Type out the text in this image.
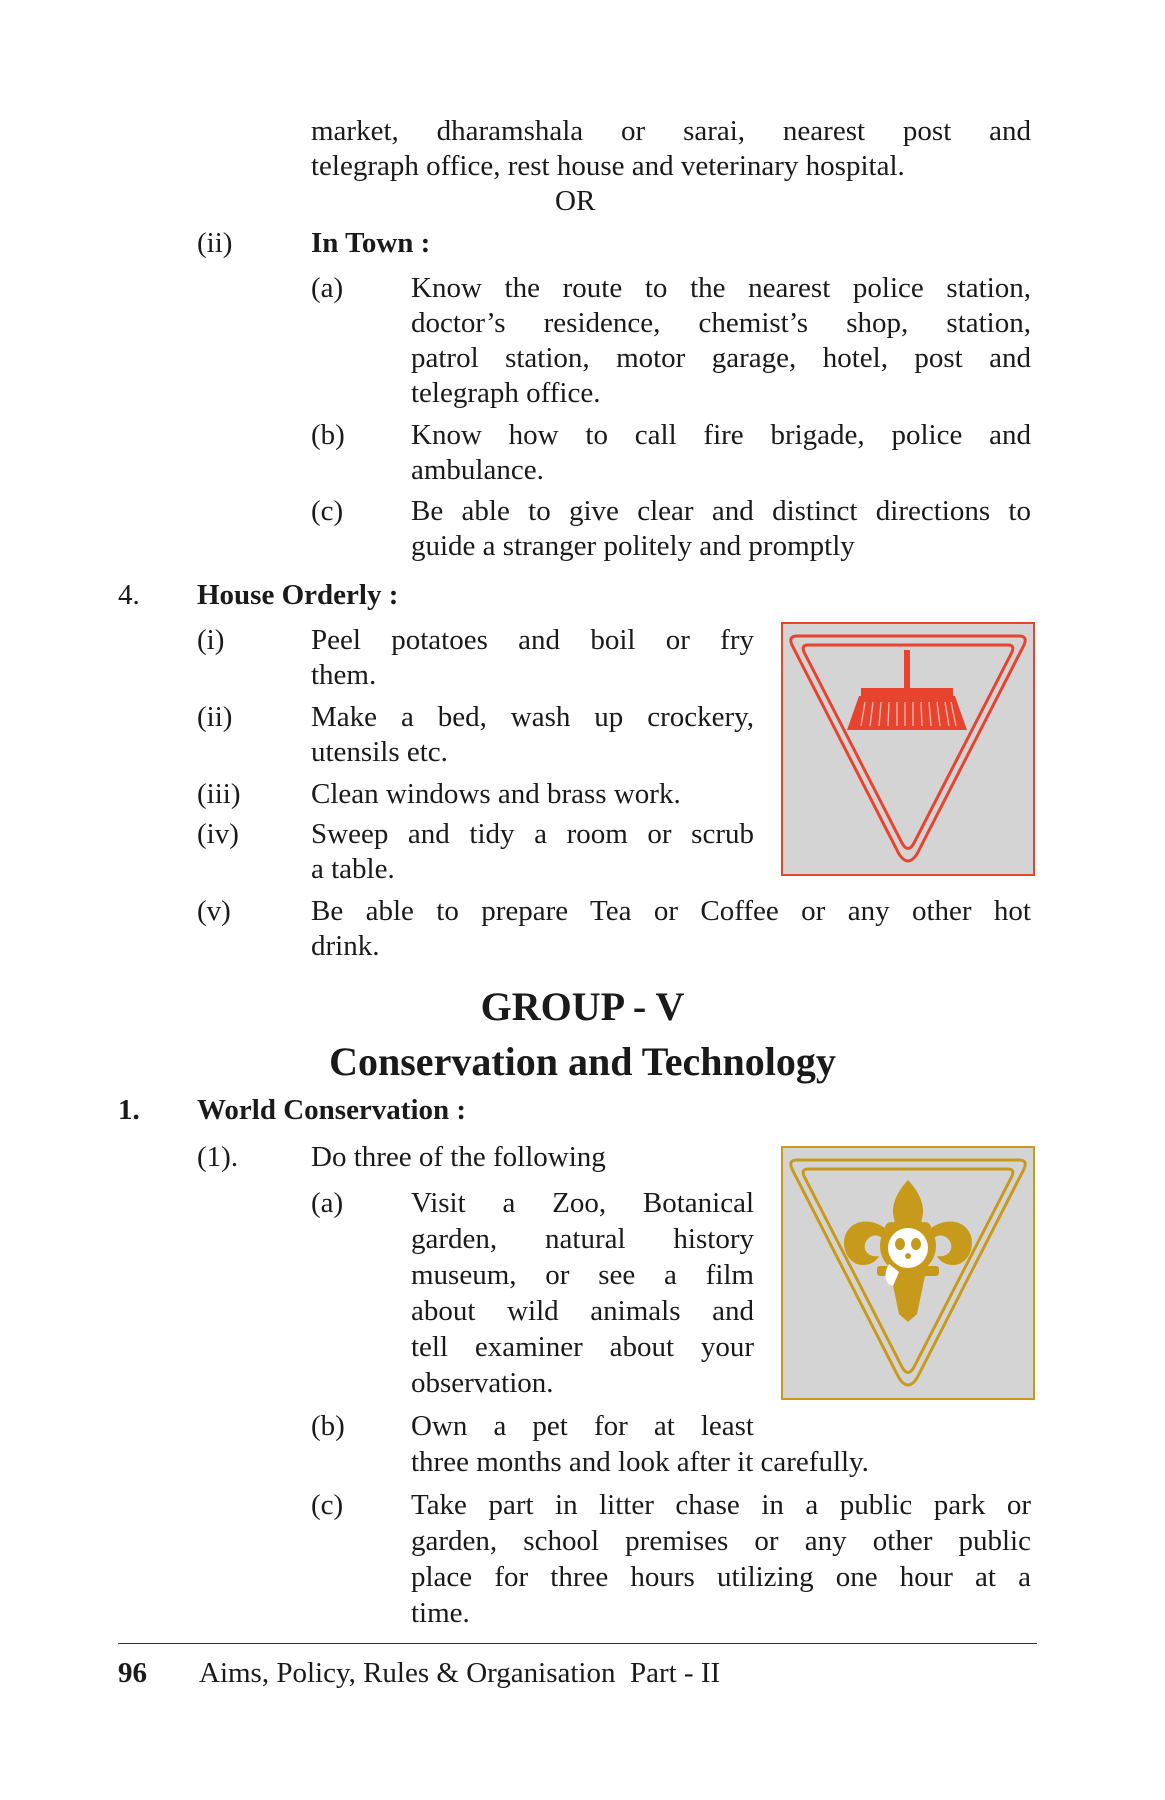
market, dharamshala or sarai, nearest post and

telegraph office, rest house and veterinary hospital.

OR

(ii)	In Town :

(a) Know the route to the nearest police station,

doctor’s residence, chemist’s shop, station,

patrol station, motor garage, hotel, post and

telegraph office.

(b) Know how to call fire brigade, police and

ambulance.

(c) Be able to give clear and distinct directions to

guide a stranger politely and promptly

4. House Orderly :

(i)	Peel potatoes and boil or fry

them.

(ii)	Make a bed, wash up crockery,

utensils etc.

(iii) Clean windows and brass work.

(iv) Sweep and tidy a room or scrub

a table.

(v)	Be able to prepare Tea or Coffee or any other hot

drink.

GROUP - V

Conservation and Technology

1. World Conservation :

(1).	Do three of the following

(a) Visit a Zoo, Botanical

garden, natural history

museum, or see a film

about wild animals and

tell examiner about your

observation.

(b) Own a pet for at least

three months and look after it carefully.

(c) Take part in litter chase in a public park or

garden, school premises or any other public

place for three hours utilizing one hour at a

time.

96 Aims, Policy, Rules & Organisation  Part - II
